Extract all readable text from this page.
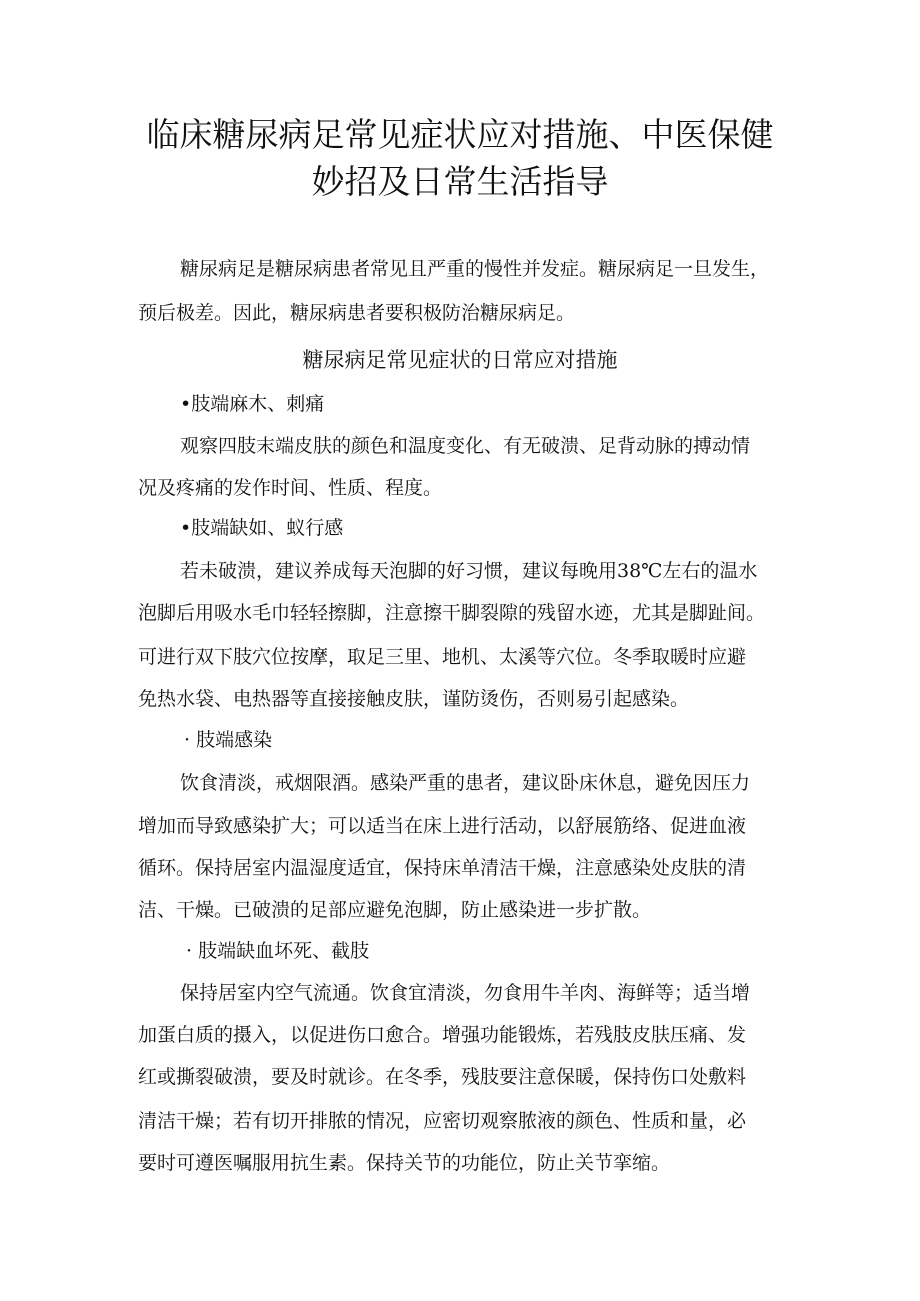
临床糖尿病足常见症状应对措施、中医保健
妙招及日常生活指导

糖尿病足是糖尿病患者常见且严重的慢性并发症。糖尿病足一旦发生，

预后极差。因此，糖尿病患者要积极防治糖尿病足。

糖尿病足常见症状的日常应对措施

•肢端麻木、刺痛

观察四肢末端皮肤的颜色和温度变化、有无破溃、足背动脉的搏动情

况及疼痛的发作时间、性质、程度。

•肢端缺如、蚁行感

若未破溃，建议养成每天泡脚的好习惯，建议每晚用38℃左右的温水

泡脚后用吸水毛巾轻轻擦脚，注意擦干脚裂隙的残留水迹，尤其是脚趾间。

可进行双下肢穴位按摩，取足三里、地机、太溪等穴位。冬季取暖时应避

免热水袋、电热器等直接接触皮肤，谨防烫伤，否则易引起感染。

· 肢端感染

饮食清淡，戒烟限酒。感染严重的患者，建议卧床休息，避免因压力

增加而导致感染扩大；可以适当在床上进行活动，以舒展筋络、促进血液

循环。保持居室内温湿度适宜，保持床单清洁干燥，注意感染处皮肤的清

洁、干燥。已破溃的足部应避免泡脚，防止感染进一步扩散。

· 肢端缺血坏死、截肢

保持居室内空气流通。饮食宜清淡，勿食用牛羊肉、海鲜等；适当增

加蛋白质的摄入，以促进伤口愈合。增强功能锻炼，若残肢皮肤压痛、发

红或撕裂破溃，要及时就诊。在冬季，残肢要注意保暖，保持伤口处敷料

清洁干燥；若有切开排脓的情况，应密切观察脓液的颜色、性质和量，必

要时可遵医嘱服用抗生素。保持关节的功能位，防止关节挛缩。
